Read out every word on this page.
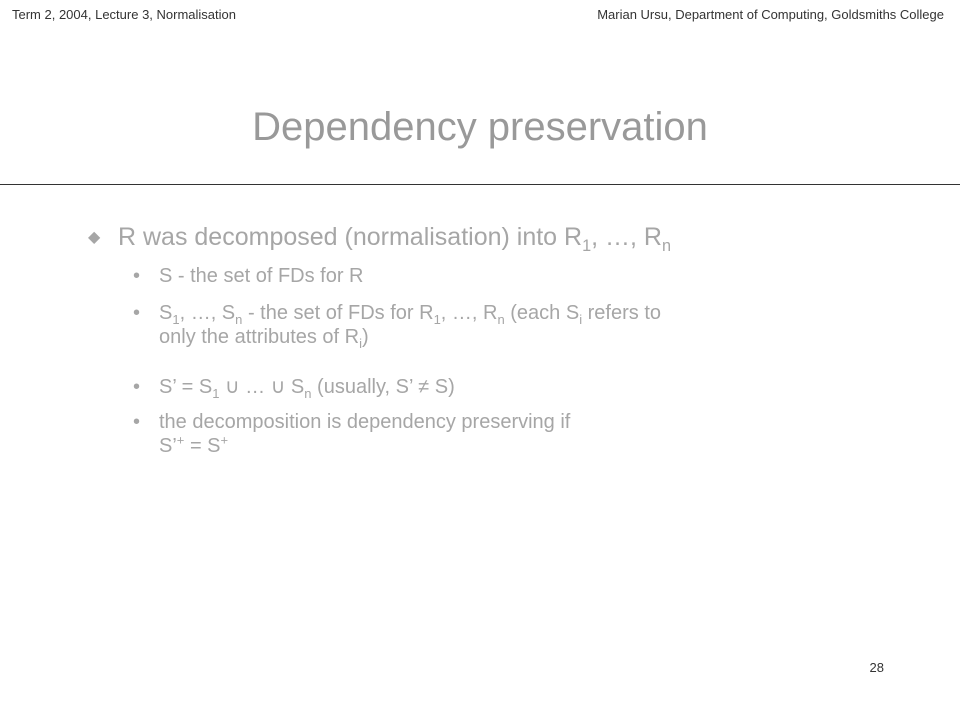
Term 2, 2004, Lecture 3, Normalisation	Marian Ursu, Department of Computing, Goldsmiths College
Dependency preservation
◆ R was decomposed (normalisation) into $R_1$, …, $R_n$
• S - the set of FDs for R
• $S_1$, …, $S_n$ - the set of FDs for $R_1$, …, $R_n$ (each $S_i$ refers to
only the attributes of $R_i$)
• S’ = $S_1$ ∪ … ∪ $S_n$ (usually, S’ ≠ S)
• the decomposition is dependency preserving if
S’+ = S+
28
